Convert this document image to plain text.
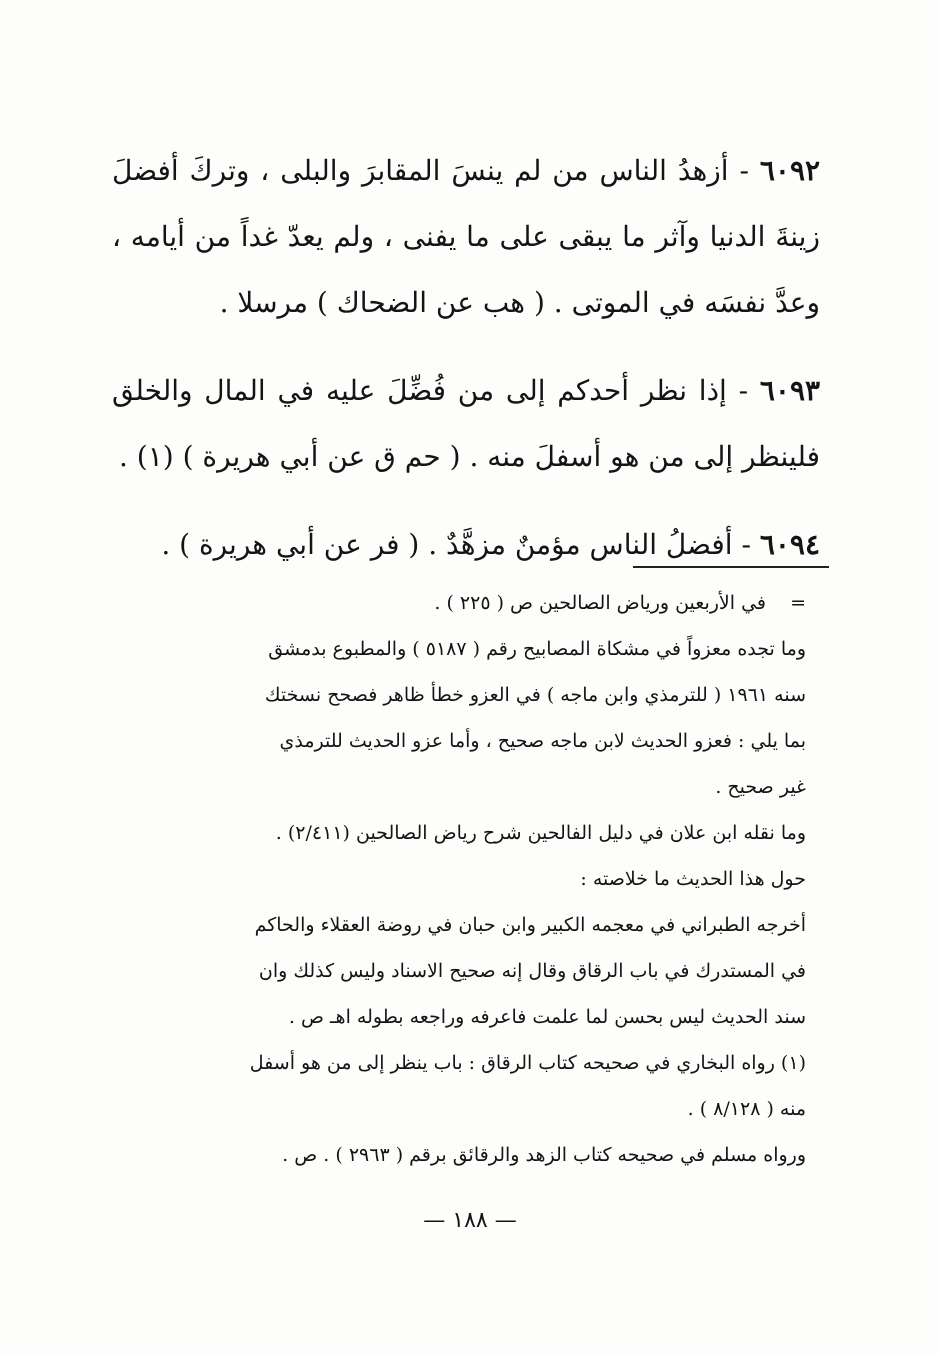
٦٠٩٢ - أزهدُ الناس من لم ينسَ المقابرَ والبلى ، وتركَ أفضلَ زينةَ الدنيا وآثر ما يبقى على ما يفنى ، ولم يعدّ غداً من أيامه ، وعدَّ نفسَه في الموتى . ( هب عن الضحاك ) مرسلا .

٦٠٩٣ - إذا نظر أحدكم إلى من فُضِّلَ عليه في المال والخلق فلينظر إلى من هو أسفلَ منه . ( حم ق عن أبي هريرة ) (١) .

٦٠٩٤ - أفضلُ الناس مؤمنٌ مزهَّدٌ . ( فر عن أبي هريرة ) .

=في الأربعين ورياض الصالحين ص ( ٢٢٥ ) .

وما تجده معزواً في مشكاة المصابيح رقم ( ٥١٨٧ ) والمطبوع بدمشق

سنه ١٩٦١ ( للترمذي وابن ماجه ) في العزو خطأ ظاهر فصحح نسختك

بما يلي : فعزو الحديث لابن ماجه صحيح ، وأما عزو الحديث للترمذي

غير صحيح .

وما نقله ابن علان في دليل الفالحين شرح رياض الصالحين (٢/٤١١) .

حول هذا الحديث ما خلاصته :

أخرجه الطبراني في معجمه الكبير وابن حبان في روضة العقلاء والحاكم

في المستدرك في باب الرقاق وقال إنه صحيح الاسناد وليس كذلك وان

سند الحديث ليس بحسن لما علمت فاعرفه وراجعه بطوله اهـ ص .

(١) رواه البخاري في صحيحه كتاب الرقاق : باب ينظر إلى من هو أسفل

منه ( ٨/١٢٨ ) .

ورواه مسلم في صحيحه كتاب الزهد والرقائق برقم ( ٢٩٦٣ ) . ص .

— ١٨٨ —
